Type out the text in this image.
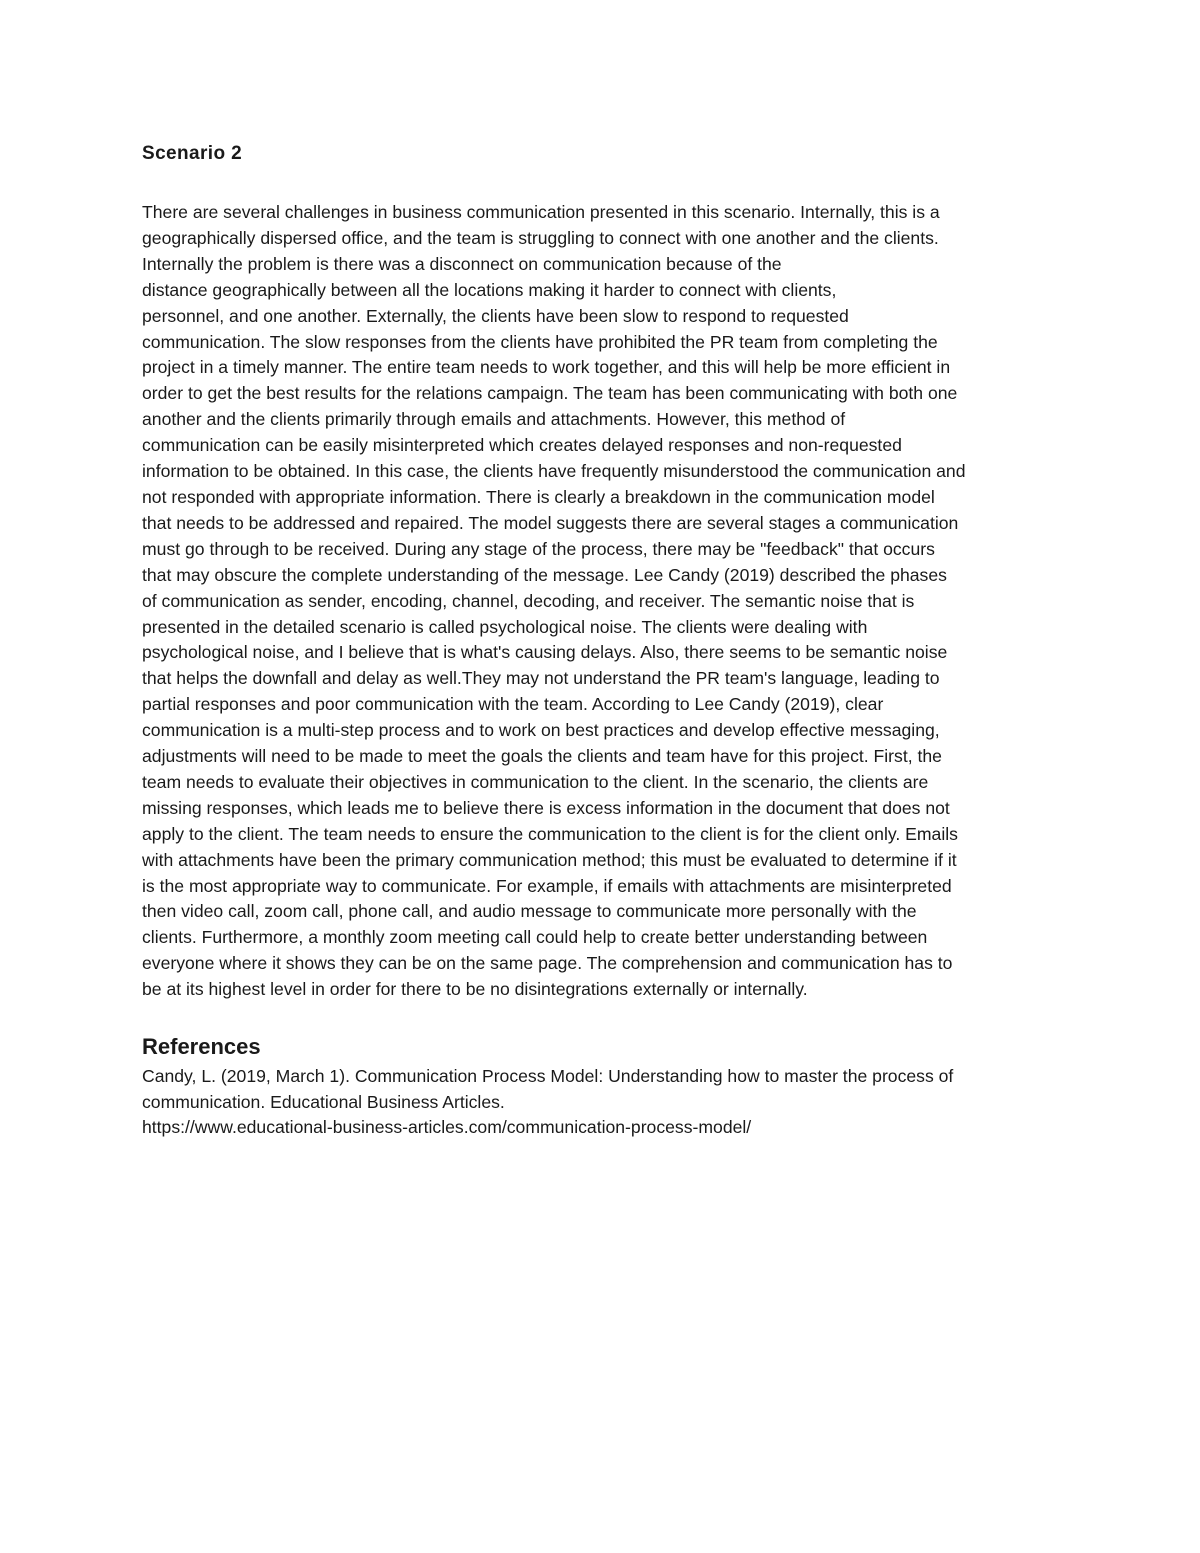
Scenario 2
There are several challenges in business communication presented in this scenario. Internally, this is a
geographically dispersed office, and the team is struggling to connect with one another and the clients.
Internally the problem is there was a disconnect on communication because of the
distance geographically between all the locations making it harder to connect with clients,
personnel, and one another. Externally, the clients have been slow to respond to requested
communication. The slow responses from the clients have prohibited the PR team from completing the
project in a timely manner. The entire team needs to work together, and this will help be more efficient in
order to get the best results for the relations campaign. The team has been communicating with both one
another and the clients primarily through emails and attachments. However, this method of
communication can be easily misinterpreted which creates delayed responses and non-requested
information to be obtained. In this case, the clients have frequently misunderstood the communication and
not responded with appropriate information. There is clearly a breakdown in the communication model
that needs to be addressed and repaired. The model suggests there are several stages a communication
must go through to be received. During any stage of the process, there may be "feedback" that occurs
that may obscure the complete understanding of the message. Lee Candy (2019) described the phases
of communication as sender, encoding, channel, decoding, and receiver. The semantic noise that is
presented in the detailed scenario is called psychological noise. The clients were dealing with
psychological noise, and I believe that is what's causing delays. Also, there seems to be semantic noise
that helps the downfall and delay as well.They may not understand the PR team's language, leading to
partial responses and poor communication with the team. According to Lee Candy (2019), clear
communication is a multi-step process and to work on best practices and develop effective messaging,
adjustments will need to be made to meet the goals the clients and team have for this project. First, the
team needs to evaluate their objectives in communication to the client. In the scenario, the clients are
missing responses, which leads me to believe there is excess information in the document that does not
apply to the client. The team needs to ensure the communication to the client is for the client only. Emails
with attachments have been the primary communication method; this must be evaluated to determine if it
is the most appropriate way to communicate. For example, if emails with attachments are misinterpreted
then video call, zoom call, phone call, and audio message to communicate more personally with the
clients. Furthermore, a monthly zoom meeting call could help to create better understanding between
everyone where it shows they can be on the same page. The comprehension and communication has to
be at its highest level in order for there to be no disintegrations externally or internally.
References
Candy, L. (2019, March 1). Communication Process Model: Understanding how to master the process of
communication. Educational Business Articles.
https://www.educational-business-articles.com/communication-process-model/
